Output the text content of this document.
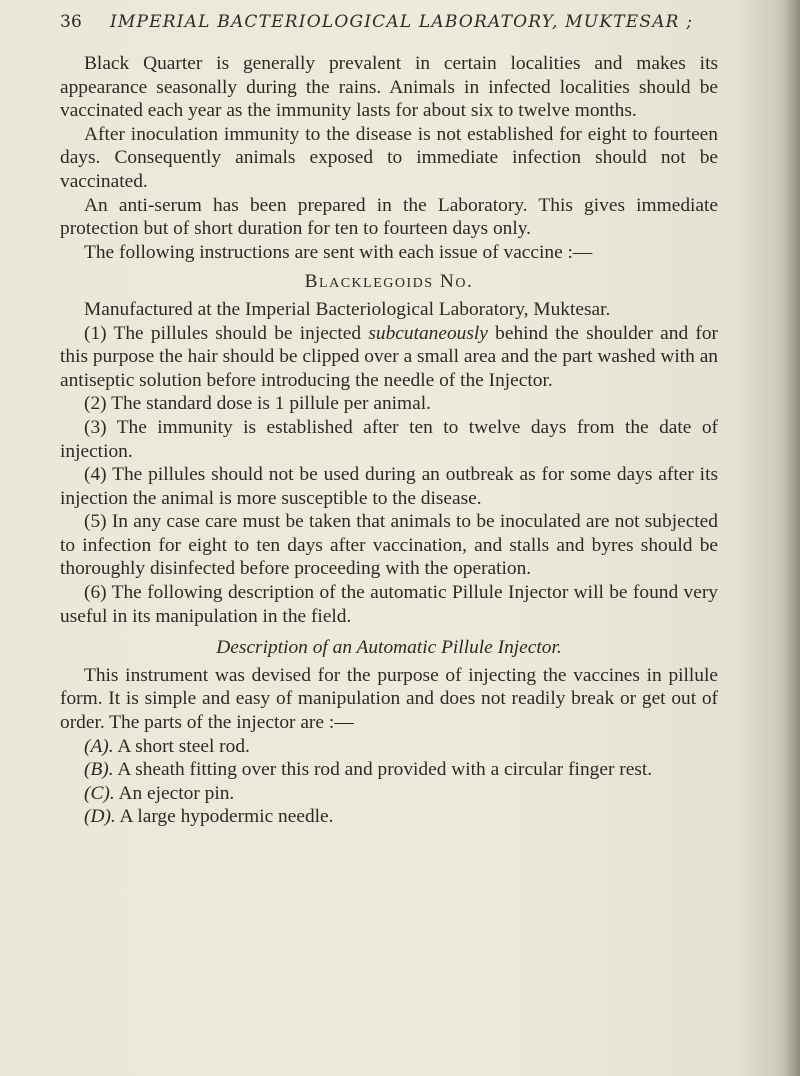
36 IMPERIAL BACTERIOLOGICAL LABORATORY, MUKTESAR ;

Black Quarter is generally prevalent in certain localities and makes its appearance seasonally during the rains. Animals in infected localities should be vaccinated each year as the immunity lasts for about six to twelve months.

After inoculation immunity to the disease is not established for eight to fourteen days. Consequently animals exposed to immediate infection should not be vaccinated.

An anti-serum has been prepared in the Laboratory. This gives immediate protection but of short duration for ten to fourteen days only.

The following instructions are sent with each issue of vaccine :—

Blacklegoids No.

Manufactured at the Imperial Bacteriological Laboratory, Muktesar.

(1) The pillules should be injected subcutaneously behind the shoulder and for this purpose the hair should be clipped over a small area and the part washed with an antiseptic solution before introducing the needle of the Injector.

(2) The standard dose is 1 pillule per animal.

(3) The immunity is established after ten to twelve days from the date of injection.

(4) The pillules should not be used during an outbreak as for some days after its injection the animal is more susceptible to the disease.

(5) In any case care must be taken that animals to be inoculated are not subjected to infection for eight to ten days after vaccination, and stalls and byres should be thoroughly disinfected before proceeding with the operation.

(6) The following description of the automatic Pillule Injector will be found very useful in its manipulation in the field.

Description of an Automatic Pillule Injector.

This instrument was devised for the purpose of injecting the vaccines in pillule form. It is simple and easy of manipulation and does not readily break or get out of order. The parts of the injector are :—

(A). A short steel rod.

(B). A sheath fitting over this rod and provided with a circular finger rest.

(C). An ejector pin.

(D). A large hypodermic needle.
